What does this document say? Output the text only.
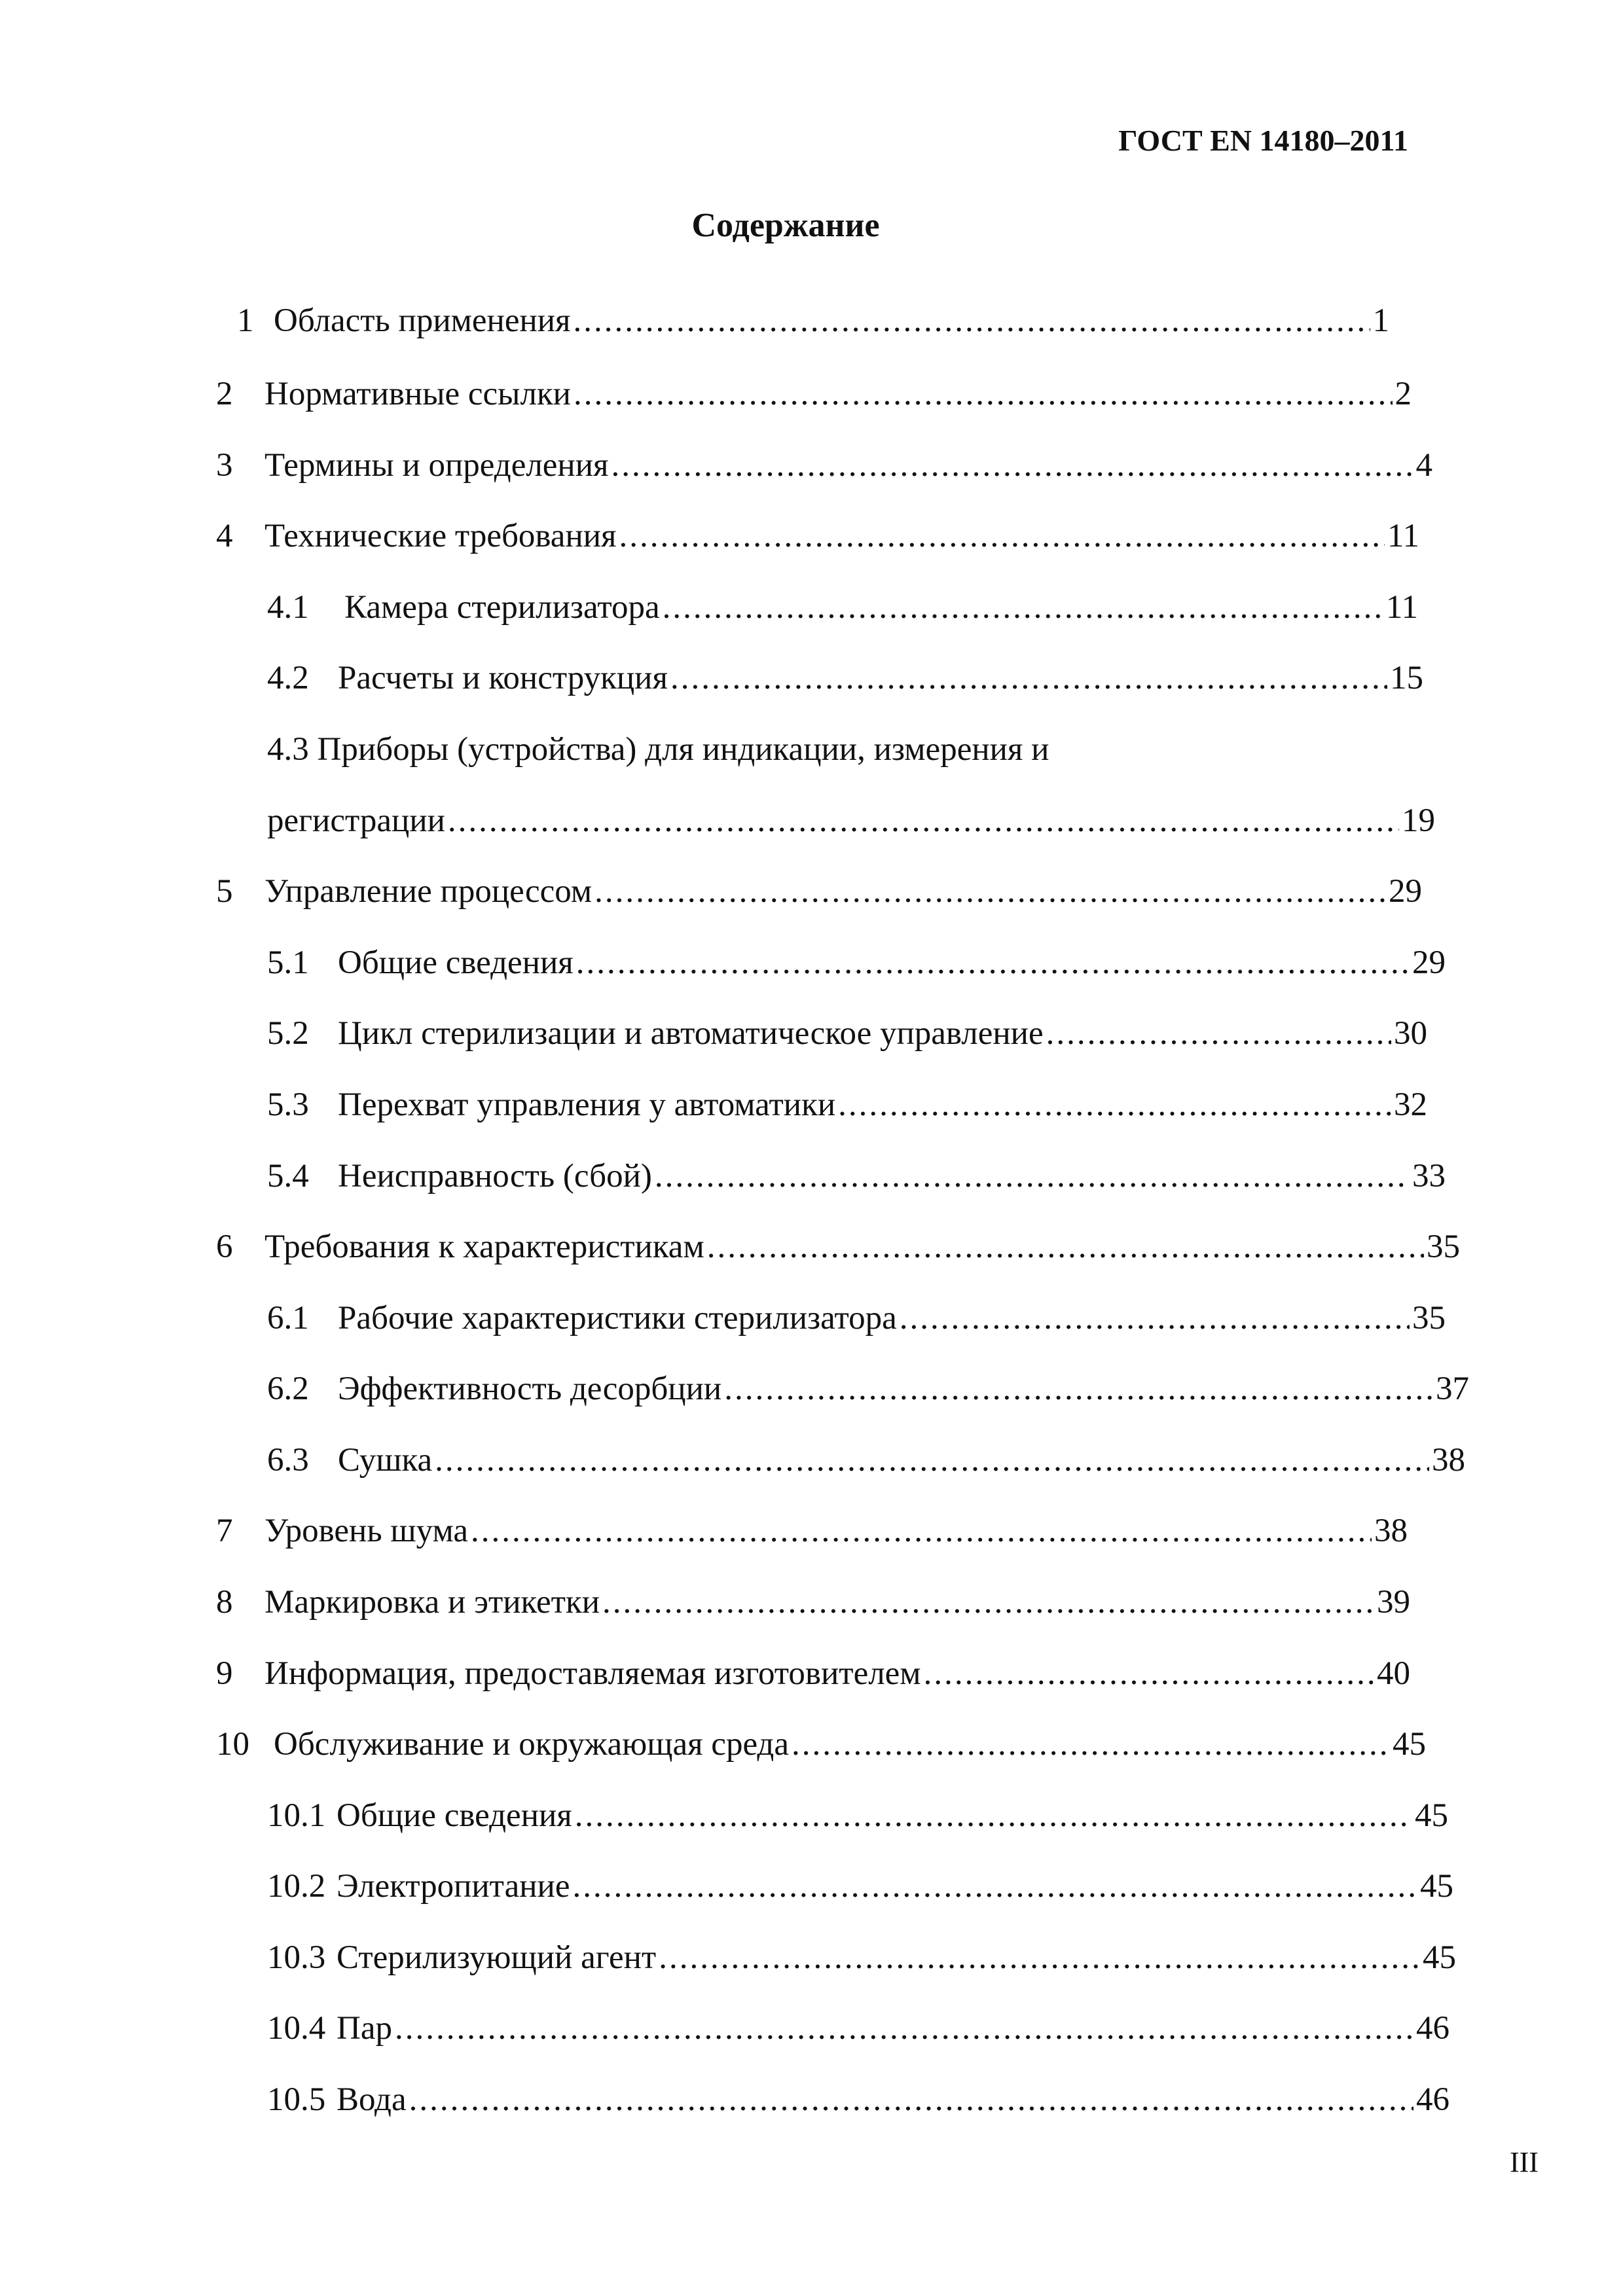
ГОСТ EN 14180–2011
Содержание
1 Область применения .....	1
2 Нормативные ссылки .....	2
3 Термины и определения .....	4
4 Технические требования .....	11
4.1	Камера стерилизатора .....	11
4.2 Расчеты и конструкция .....	15
4.3 Приборы (устройства) для индикации, измерения и
регистрации .....	19
5 Управление процессом .....	29
5.1 Общие сведения .....	29
5.2 Цикл стерилизации и автоматическое управление .....	30
5.3 Перехват управления у автоматики .....	32
5.4 Неисправность (сбой) .....	33
6 Требования к характеристикам .....	35
6.1 Рабочие характеристики стерилизатора .....	35
6.2 Эффективность десорбции .....	37
6.3 Сушка .....	38
7 Уровень шума .....	38
8 Маркировка и этикетки .....	39
9 Информация, предоставляемая изготовителем .....	40
10 Обслуживание и окружающая среда .....	45
10.1 Общие сведения .....	45
10.2 Электропитание .....	45
10.3 Стерилизующий агент .....	45
10.4 Пар .....	46
10.5 Вода .....	46
III
